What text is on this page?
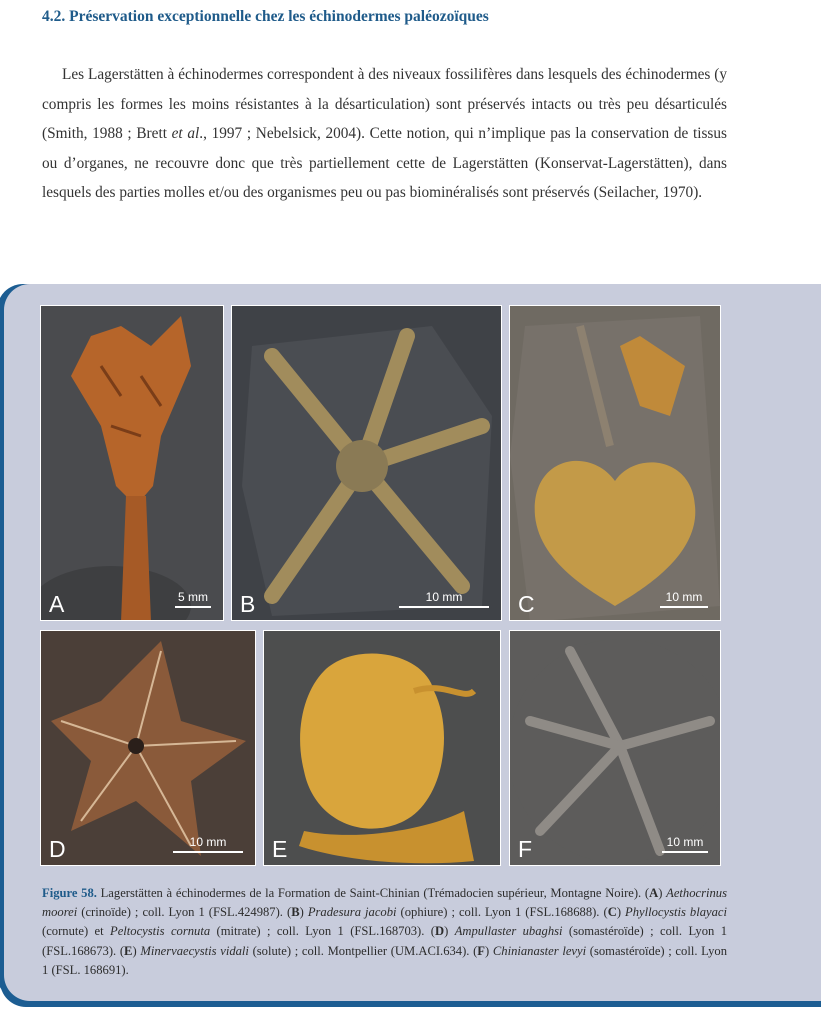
4.2. Préservation exceptionnelle chez les échinodermes paléozoïques

Les Lagerstätten à échinodermes correspondent à des niveaux fossilifères dans lesquels des échinodermes (y compris les formes les moins résistantes à la désarticulation) sont préservés intacts ou très peu désarticulés (Smith, 1988 ; Brett et al., 1997 ; Nebelsick, 2004). Cette notion, qui n’implique pas la conservation de tissus ou d’organes, ne recouvre donc que très partiellement cette de Lagerstätten (Konservat-Lagerstätten), dans lesquels des parties molles et/ou des organismes peu ou pas biominéralisés sont préservés (Seilacher, 1970).

A	5 mm B	10 mm	C	10 mm
D	10 mm	E	F	10 mm

Figure 58. Lagerstätten à échinodermes de la Formation de Saint-Chinian (Trémadocien supérieur, Montagne Noire). (A) Aethocrinus moorei (crinoïde) ; coll. Lyon 1 (FSL.424987). (B) Pradesura jacobi (ophiure) ; coll. Lyon 1 (FSL.168688). (C) Phyllocystis blayaci (cornute) et Peltocystis cornuta (mitrate) ; coll. Lyon 1 (FSL.168703). (D) Ampullaster ubaghsi (somastéroïde) ; coll. Lyon 1 (FSL.168673). (E) Minervaecystis vidali (solute) ; coll. Montpellier (UM.ACI.634). (F) Chinianaster levyi (somastéroïde) ; coll. Lyon 1 (FSL. 168691).
